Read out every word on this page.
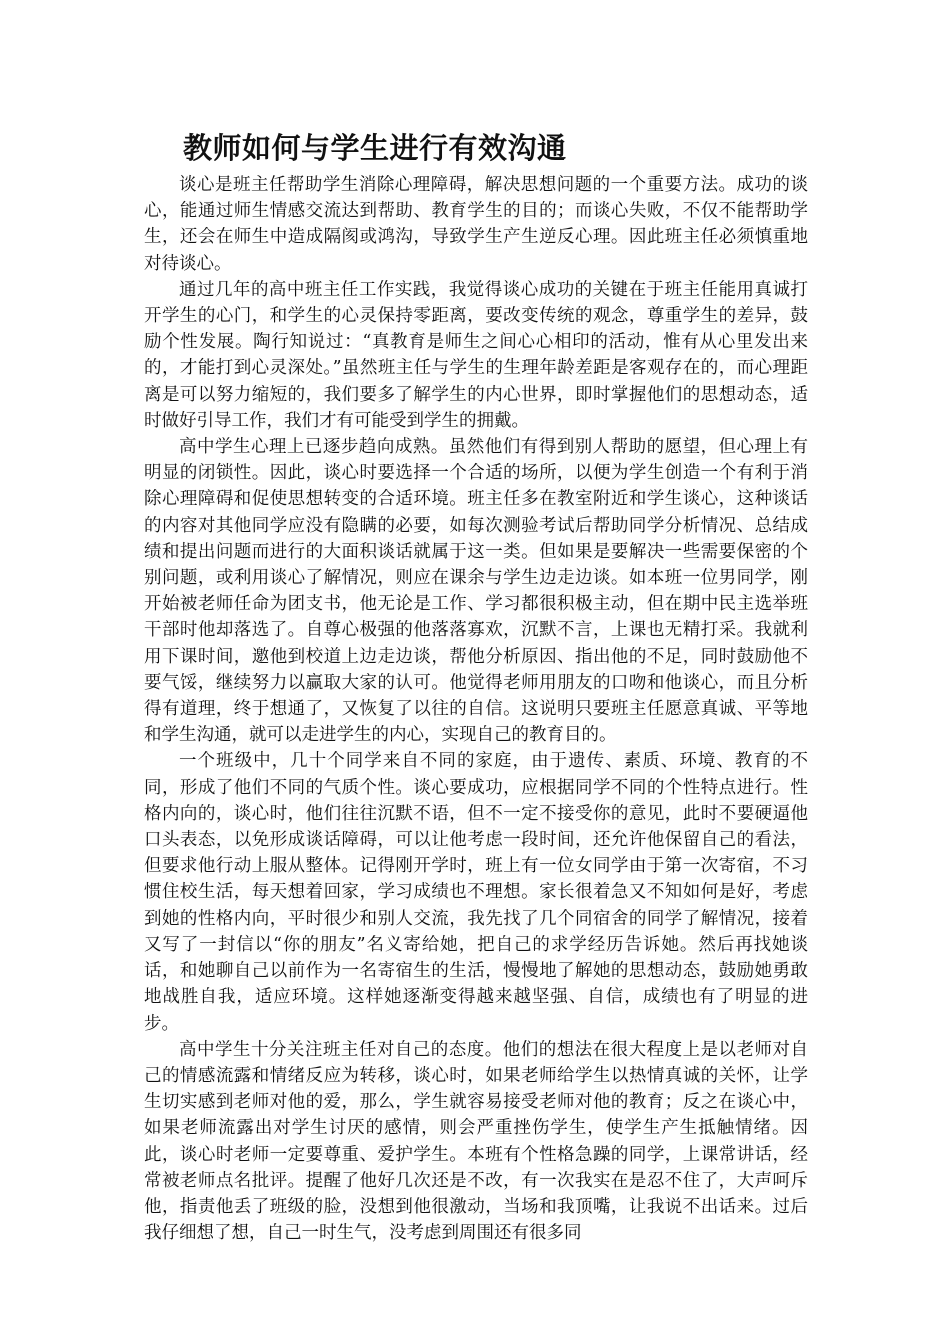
教师如何与学生进行有效沟通

谈心是班主任帮助学生消除心理障碍，解决思想问题的一个重要方法。成功的谈心，能通过师生情感交流达到帮助、教育学生的目的；而谈心失败，不仅不能帮助学生，还会在师生中造成隔阂或鸿沟，导致学生产生逆反心理。因此班主任必须慎重地对待谈心。

通过几年的高中班主任工作实践，我觉得谈心成功的关键在于班主任能用真诚打开学生的心门，和学生的心灵保持零距离，要改变传统的观念，尊重学生的差异，鼓励个性发展。陶行知说过：“真教育是师生之间心心相印的活动，惟有从心里发出来的，才能打到心灵深处。”虽然班主任与学生的生理年龄差距是客观存在的，而心理距离是可以努力缩短的，我们要多了解学生的内心世界，即时掌握他们的思想动态，适时做好引导工作，我们才有可能受到学生的拥戴。

高中学生心理上已逐步趋向成熟。虽然他们有得到别人帮助的愿望，但心理上有明显的闭锁性。因此，谈心时要选择一个合适的场所，以便为学生创造一个有利于消除心理障碍和促使思想转变的合适环境。班主任多在教室附近和学生谈心，这种谈话的内容对其他同学应没有隐瞒的必要，如每次测验考试后帮助同学分析情况、总结成绩和提出问题而进行的大面积谈话就属于这一类。但如果是要解决一些需要保密的个别问题，或利用谈心了解情况，则应在课余与学生边走边谈。如本班一位男同学，刚开始被老师任命为团支书，他无论是工作、学习都很积极主动，但在期中民主选举班干部时他却落选了。自尊心极强的他落落寡欢，沉默不言，上课也无精打采。我就利用下课时间，邀他到校道上边走边谈，帮他分析原因、指出他的不足，同时鼓励他不要气馁，继续努力以赢取大家的认可。他觉得老师用朋友的口吻和他谈心，而且分析得有道理，终于想通了，又恢复了以往的自信。这说明只要班主任愿意真诚、平等地和学生沟通，就可以走进学生的内心，实现自己的教育目的。

一个班级中，几十个同学来自不同的家庭，由于遗传、素质、环境、教育的不同，形成了他们不同的气质个性。谈心要成功，应根据同学不同的个性特点进行。性格内向的，谈心时，他们往往沉默不语，但不一定不接受你的意见，此时不要硬逼他口头表态，以免形成谈话障碍，可以让他考虑一段时间，还允许他保留自己的看法，但要求他行动上服从整体。记得刚开学时，班上有一位女同学由于第一次寄宿，不习惯住校生活，每天想着回家，学习成绩也不理想。家长很着急又不知如何是好，考虑到她的性格内向，平时很少和别人交流，我先找了几个同宿舍的同学了解情况，接着又写了一封信以“你的朋友”名义寄给她，把自己的求学经历告诉她。然后再找她谈话，和她聊自己以前作为一名寄宿生的生活，慢慢地了解她的思想动态，鼓励她勇敢地战胜自我，适应环境。这样她逐渐变得越来越坚强、自信，成绩也有了明显的进步。

高中学生十分关注班主任对自己的态度。他们的想法在很大程度上是以老师对自己的情感流露和情绪反应为转移，谈心时，如果老师给学生以热情真诚的关怀，让学生切实感到老师对他的爱，那么，学生就容易接受老师对他的教育；反之在谈心中，如果老师流露出对学生讨厌的感情，则会严重挫伤学生，使学生产生抵触情绪。因此，谈心时老师一定要尊重、爱护学生。本班有个性格急躁的同学，上课常讲话，经常被老师点名批评。提醒了他好几次还是不改，有一次我实在是忍不住了，大声呵斥他，指责他丢了班级的脸，没想到他很激动，当场和我顶嘴，让我说不出话来。过后我仔细想了想，自己一时生气，没考虑到周围还有很多同
